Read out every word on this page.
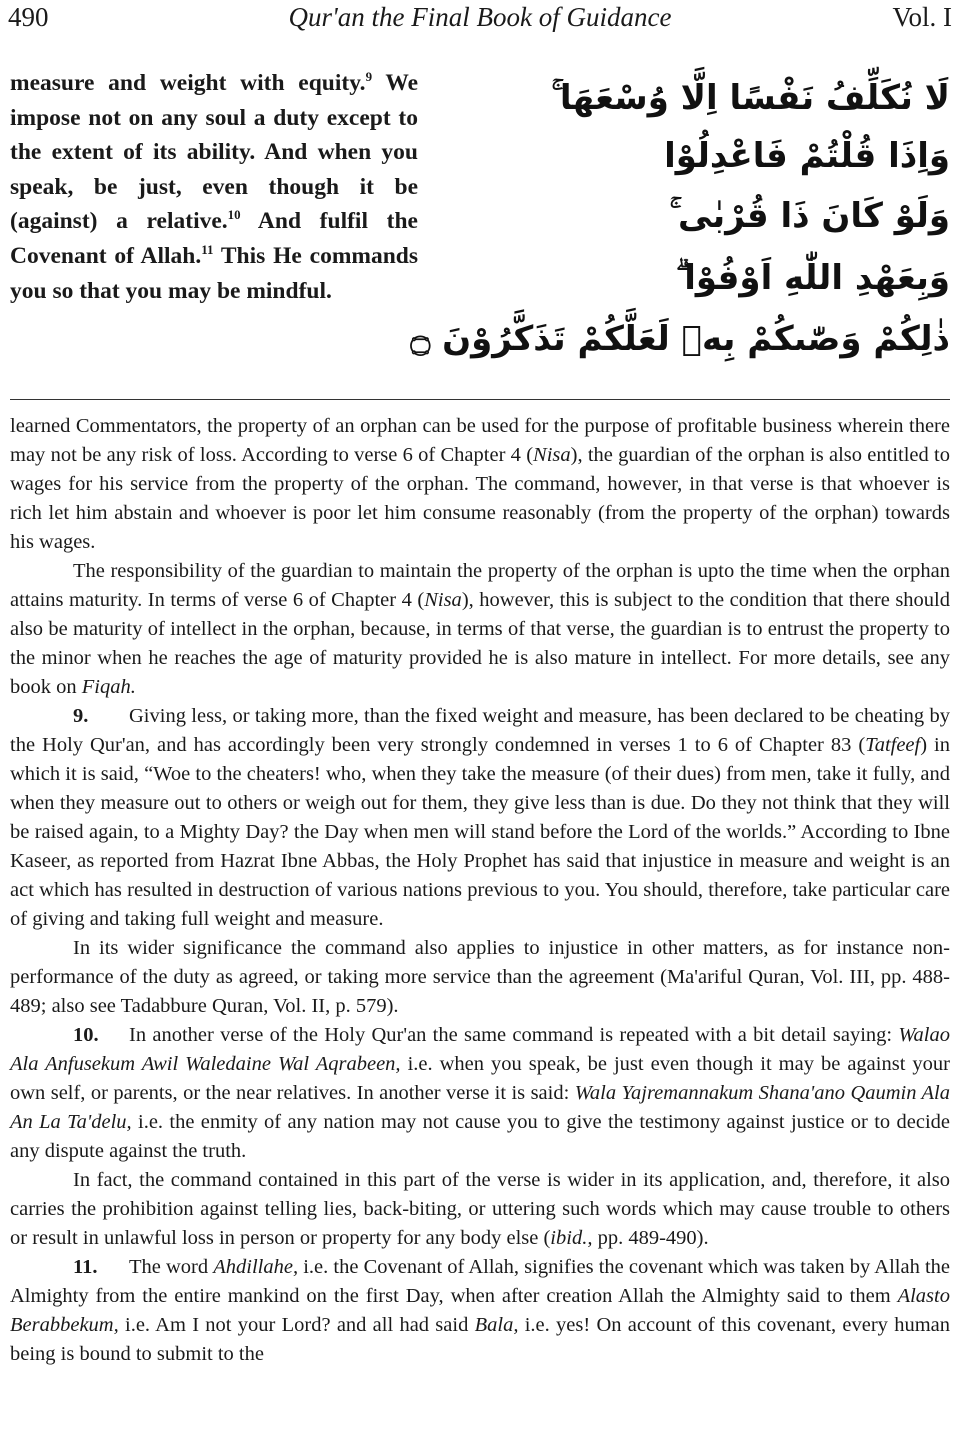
490	Qur'an the Final Book of Guidance	Vol. I

measure and weight with equity.$^9$ We impose not on any soul a duty except to the extent of its ability. And when you speak, be just, even though it be (against) a relative.$^{10}$ And fulfil the Covenant of Allah.$^{11}$ This He commands you so that you may be mindful.

لَا نُكَلِّفُ نَفْسًا اِلَّا وُسْعَهَا ۚ
وَاِذَا قُلْتُمْ فَاعْدِلُوْا
وَلَوْ كَانَ ذَا قُرْبٰى ۚ
وَبِعَهْدِ اللّٰهِ اَوْفُوْا ۗ
ذٰلِكُمْ وَصّٰىكُمْ بِهٖ لَعَلَّكُمْ تَذَكَّرُوْنَ ۝

learned Commentators, the property of an orphan can be used for the purpose of profitable business wherein there may not be any risk of loss. According to verse 6 of Chapter 4 (Nisa), the guardian of the orphan is also entitled to wages for his service from the property of the orphan. The command, however, in that verse is that whoever is rich let him abstain and whoever is poor let him consume reasonably (from the property of the orphan) towards his wages.

The responsibility of the guardian to maintain the property of the orphan is upto the time when the orphan attains maturity. In terms of verse 6 of Chapter 4 (Nisa), however, this is subject to the condition that there should also be maturity of intellect in the orphan, because, in terms of that verse, the guardian is to entrust the property to the minor when he reaches the age of maturity provided he is also mature in intellect. For more details, see any book on Fiqah.

9. Giving less, or taking more, than the fixed weight and measure, has been declared to be cheating by the Holy Qur'an, and has accordingly been very strongly condemned in verses 1 to 6 of Chapter 83 (Tatfeef) in which it is said, “Woe to the cheaters! who, when they take the measure (of their dues) from men, take it fully, and when they measure out to others or weigh out for them, they give less than is due. Do they not think that they will be raised again, to a Mighty Day? the Day when men will stand before the Lord of the worlds.” According to Ibne Kaseer, as reported from Hazrat Ibne Abbas, the Holy Prophet has said that injustice in measure and weight is an act which has resulted in destruction of various nations previous to you. You should, therefore, take particular care of giving and taking full weight and measure.

In its wider significance the command also applies to injustice in other matters, as for instance non-performance of the duty as agreed, or taking more service than the agreement (Ma'ariful Quran, Vol. III, pp. 488-489; also see Tadabbure Quran, Vol. II, p. 579).

10. In another verse of the Holy Qur'an the same command is repeated with a bit detail saying: Walao Ala Anfusekum Awil Waledaine Wal Aqrabeen, i.e. when you speak, be just even though it may be against your own self, or parents, or the near relatives. In another verse it is said: Wala Yajremannakum Shana'ano Qaumin Ala An La Ta'delu, i.e. the enmity of any nation may not cause you to give the testimony against justice or to decide any dispute against the truth.

In fact, the command contained in this part of the verse is wider in its application, and, therefore, it also carries the prohibition against telling lies, back-biting, or uttering such words which may cause trouble to others or result in unlawful loss in person or property for any body else (ibid., pp. 489-490).

11. The word Ahdillahe, i.e. the Covenant of Allah, signifies the covenant which was taken by Allah the Almighty from the entire mankind on the first Day, when after creation Allah the Almighty said to them Alasto Berabbekum, i.e. Am I not your Lord? and all had said Bala, i.e. yes! On account of this covenant, every human being is bound to submit to the
